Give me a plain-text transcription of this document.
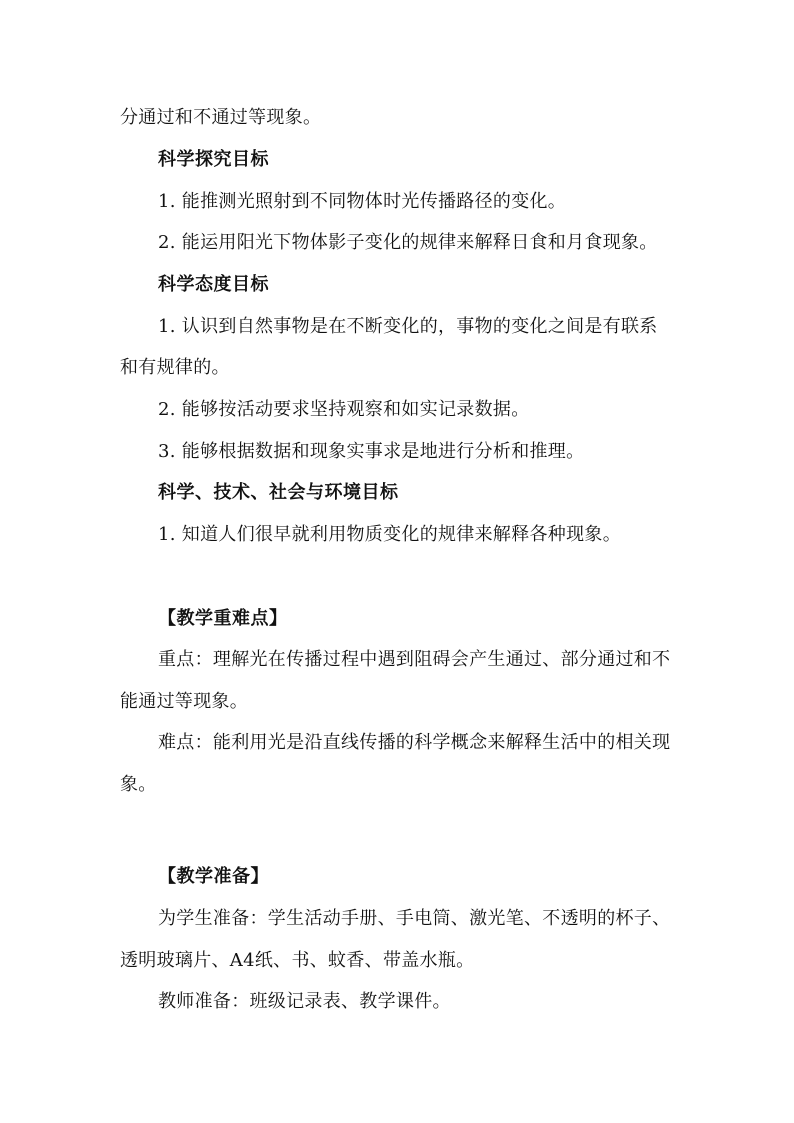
分通过和不通过等现象。
科学探究目标
1. 能推测光照射到不同物体时光传播路径的变化。
2. 能运用阳光下物体影子变化的规律来解释日食和月食现象。
科学态度目标
1. 认识到自然事物是在不断变化的，事物的变化之间是有联系
和有规律的。
2. 能够按活动要求坚持观察和如实记录数据。
3. 能够根据数据和现象实事求是地进行分析和推理。
科学、技术、社会与环境目标
1. 知道人们很早就利用物质变化的规律来解释各种现象。
【教学重难点】
重点：理解光在传播过程中遇到阻碍会产生通过、部分通过和不
能通过等现象。
难点：能利用光是沿直线传播的科学概念来解释生活中的相关现
象。
【教学准备】
为学生准备：学生活动手册、手电筒、激光笔、不透明的杯子、
透明玻璃片、A4纸、书、蚊香、带盖水瓶。
教师准备：班级记录表、教学课件。
